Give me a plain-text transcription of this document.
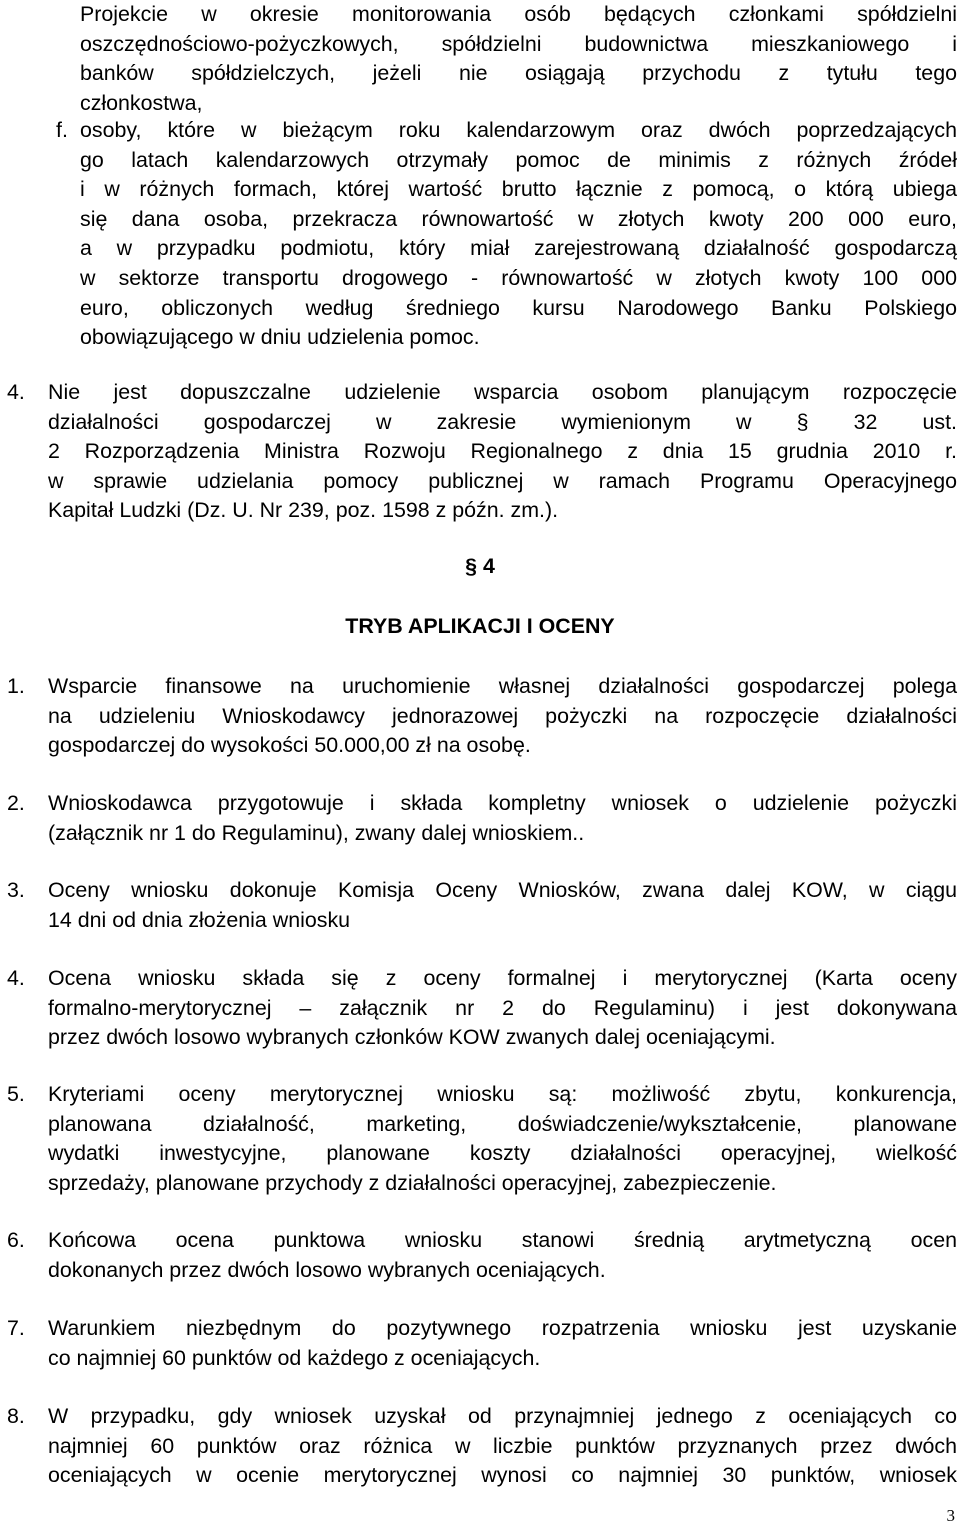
Projekcie w okresie monitorowania osób będących członkami spółdzielni
oszczędnościowo-pożyczkowych, spółdzielni budownictwa mieszkaniowego i
banków spółdzielczych, jeżeli nie osiągają przychodu z tytułu tego
członkostwa,
f. osoby, które w bieżącym roku kalendarzowym oraz dwóch poprzedzających
go latach kalendarzowych otrzymały pomoc de minimis z różnych źródeł
i w różnych formach, której wartość brutto łącznie z pomocą, o którą ubiega
się dana osoba, przekracza równowartość w złotych kwoty 200 000 euro,
a w przypadku podmiotu, który miał zarejestrowaną działalność gospodarczą
w sektorze transportu drogowego - równowartość w złotych kwoty 100 000
euro, obliczonych według średniego kursu Narodowego Banku Polskiego
obowiązującego w dniu udzielenia pomoc.
4. Nie jest dopuszczalne udzielenie wsparcia osobom planującym rozpoczęcie
działalności gospodarczej w zakresie wymienionym w § 32 ust.
2 Rozporządzenia Ministra Rozwoju Regionalnego z dnia 15 grudnia 2010 r.
w sprawie udzielania pomocy publicznej w ramach Programu Operacyjnego
Kapitał Ludzki (Dz. U. Nr 239, poz. 1598 z późn. zm.).
§ 4
TRYB APLIKACJI I OCENY
1. Wsparcie finansowe na uruchomienie własnej działalności gospodarczej polega
na udzieleniu Wnioskodawcy jednorazowej pożyczki na rozpoczęcie działalności
gospodarczej do wysokości 50.000,00 zł na osobę.
2. Wnioskodawca przygotowuje i składa kompletny wniosek o udzielenie pożyczki
(załącznik nr 1 do Regulaminu), zwany dalej wnioskiem..
3. Oceny wniosku dokonuje Komisja Oceny Wniosków, zwana dalej KOW, w ciągu
14 dni od dnia złożenia wniosku
4. Ocena wniosku składa się z oceny formalnej i merytorycznej (Karta oceny
formalno-merytorycznej – załącznik nr 2 do Regulaminu) i jest dokonywana
przez dwóch losowo wybranych członków KOW zwanych dalej oceniającymi.
5. Kryteriami oceny merytorycznej wniosku są: możliwość zbytu, konkurencja,
planowana działalność, marketing, doświadczenie/wykształcenie, planowane
wydatki inwestycyjne, planowane koszty działalności operacyjnej, wielkość
sprzedaży, planowane przychody z działalności operacyjnej, zabezpieczenie.
6. Końcowa ocena punktowa wniosku stanowi średnią arytmetyczną ocen
dokonanych przez dwóch losowo wybranych oceniających.
7. Warunkiem niezbędnym do pozytywnego rozpatrzenia wniosku jest uzyskanie
co najmniej 60 punktów od każdego z oceniających.
8. W przypadku, gdy wniosek uzyskał od przynajmniej jednego z oceniających co
najmniej 60 punktów oraz różnica w liczbie punktów przyznanych przez dwóch
oceniających w ocenie merytorycznej wynosi co najmniej 30 punktów, wniosek
3
